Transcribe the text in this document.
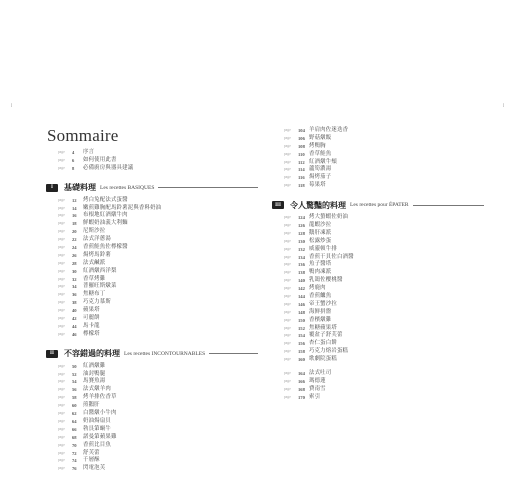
⁞	⁞
Sommaire
page	4	序言
page	6	如何使用此書
page	8	必備廚房與器具建議
I	基礎料理 Les recettes BASIQUES
page	12	烤白兔配法式蛋醬
page	14	嫩煎雞胸配馬鈴薯泥與香料奶油
page	16	布根地紅酒燉牛肉
page	18	鮮蝦奶油義大利麵
page	20	尼斯沙拉
page	22	法式洋蔥湯
page	24	香煎鮭魚佐檸檬醬
page	26	焗烤馬鈴薯
page	28	法式鹹派
page	30	紅酒燉西洋梨
page	32	香草烤雞
page	34	普羅旺斯燉菜
page	36	焦糖布丁
page	38	巧克力慕斯
page	40	蘋果塔
page	42	可麗餅
page	44	馬卡龍
page	46	檸檬塔
II	不容錯過的料理 Les recettes INCONTOURNABLES
page	50	紅酒燉雞
page	52	油封鴨腿
page	54	馬賽魚湯
page	56	法式燉羊肉
page	58	烤羊排佐香草
page	60	煎鵝肝
page	62	白醬燉小牛肉
page	64	奶油焗扇貝
page	66	勃艮第蝸牛
page	68	諾曼第蘋果雞
page	70	香煎比目魚
page	72	舒芙蕾
page	74	千層酥
page	76	閃電泡芙
page	104 羊肩肉佐迷迭香
page	106 野菇燉飯
page	108 烤鴨胸
page	110 香草鮭魚
page	112 紅酒燉牛頰
page	114 蘆筍濃湯
page	116 焗烤茄子
page	118 莓果塔
III	令人驚豔的料理 Les recettes pour ÉPATER
page	124 烤大螯蝦佐奶油
page	126 龍蝦沙拉
page	128 鵝肝凍派
page	130 松露炒蛋
page	132 威靈頓牛排
page	134 香煎干貝佐白酒醬
page	136 魚子醬塔
page	138 鴨肉凍派
page	140 乳鴿佐櫻桃醬
page	142 烤鹿肉
page	144 香煎鱸魚
page	146 帝王蟹沙拉
page	148 海鮮拼盤
page	150 香檳燉雞
page	152 焦糖蘋果塔
page	154 覆盆子舒芙蕾
page	156 杏仁蛋白餅
page	158 巧克力熔岩蛋糕
page	160 歌劇院蛋糕
page	164 法式吐司
page	166 瑪德蓮
page	168 費南雪
page	170 索引
